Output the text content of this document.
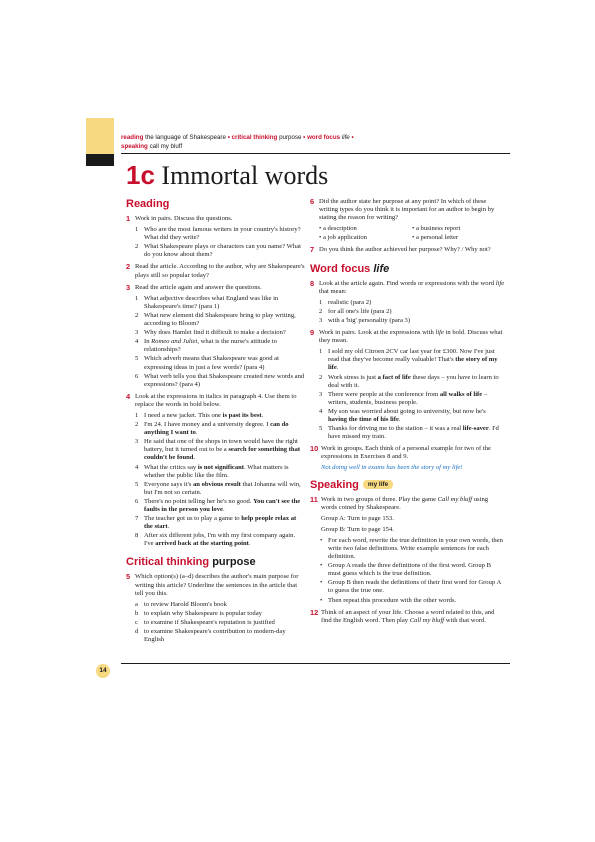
reading the language of Shakespeare • critical thinking purpose • word focus life •
speaking call my bluff
1c Immortal words
Reading
1 Work in pairs. Discuss the questions.
1 Who are the most famous writers in your country's history? What did they write?
2 What Shakespeare plays or characters can you name? What do you know about them?
2 Read the article. According to the author, why are Shakespeare's plays still so popular today?
3 Read the article again and answer the questions.
1 What adjective describes what England was like in Shakespeare's time? (para 1)
2 What new element did Shakespeare bring to play writing, according to Bloom?
3 Why does Hamlet find it difficult to make a decision?
4 In Romeo and Juliet, what is the nurse's attitude to relationships?
5 Which adverb means that Shakespeare was good at expressing ideas in just a few words? (para 4)
6 What verb tells you that Shakespeare created new words and expressions? (para 4)
4 Look at the expressions in italics in paragraph 4. Use them to replace the words in bold below.
1 I need a new jacket. This one is past its best.
2 I'm 24. I have money and a university degree. I can do anything I want to.
3 He said that one of the shops in town would have the right battery, but it turned out to be a search for something that couldn't be found.
4 What the critics say is not significant. What matters is whether the public like the film.
5 Everyone says it's an obvious result that Johanna will win, but I'm not so certain.
6 There's no point telling her he's no good. You can't see the faults in the person you love.
7 The teacher got us to play a game to help people relax at the start.
8 After six different jobs, I'm with my first company again. I've arrived back at the starting point.
Critical thinking purpose
5 Which option(s) (a–d) describes the author's main purpose for writing this article? Underline the sentences in the article that tell you this.
a to review Harold Bloom's book
b to explain why Shakespeare is popular today
c to examine if Shakespeare's reputation is justified
d to examine Shakespeare's contribution to modern-day English
6 Did the author state her purpose at any point? In which of these writing types do you think it is important for an author to begin by stating the reason for writing?
• a description	• a business report
• a job application	• a personal letter
7 Do you think the author achieved her purpose? Why? / Why not?
Word focus life
8 Look at the article again. Find words or expressions with the word life that mean:
1 realistic (para 2)
2 for all one's life (para 2)
3 with a 'big' personality (para 3)
9 Work in pairs. Look at the expressions with life in bold. Discuss what they mean.
1 I sold my old Citroen 2CV car last year for £300. Now I've just read that they've become really valuable! That's the story of my life.
2 Work stress is just a fact of life these days – you have to learn to deal with it.
3 There were people at the conference from all walks of life – writers, students, business people.
4 My son was worried about going to university, but now he's having the time of his life.
5 Thanks for driving me to the station – it was a real life-saver. I'd have missed my train.
10 Work in groups. Each think of a personal example for two of the expressions in Exercises 8 and 9.
Not doing well in exams has been the story of my life!
Speaking my life
11 Work in two groups of three. Play the game Call my bluff using words coined by Shakespeare.
Group A: Turn to page 153.
Group B: Turn to page 154.
• For each word, rewrite the true definition in your own words, then write two false definitions. Write example sentences for each definition.
• Group A reads the three definitions of the first word. Group B must guess which is the true definition.
• Group B then reads the definitions of their first word for Group A to guess the true one.
• Then repeat this procedure with the other words.
12 Think of an aspect of your life. Choose a word related to this, and find the English word. Then play Call my bluff with that word.
14
